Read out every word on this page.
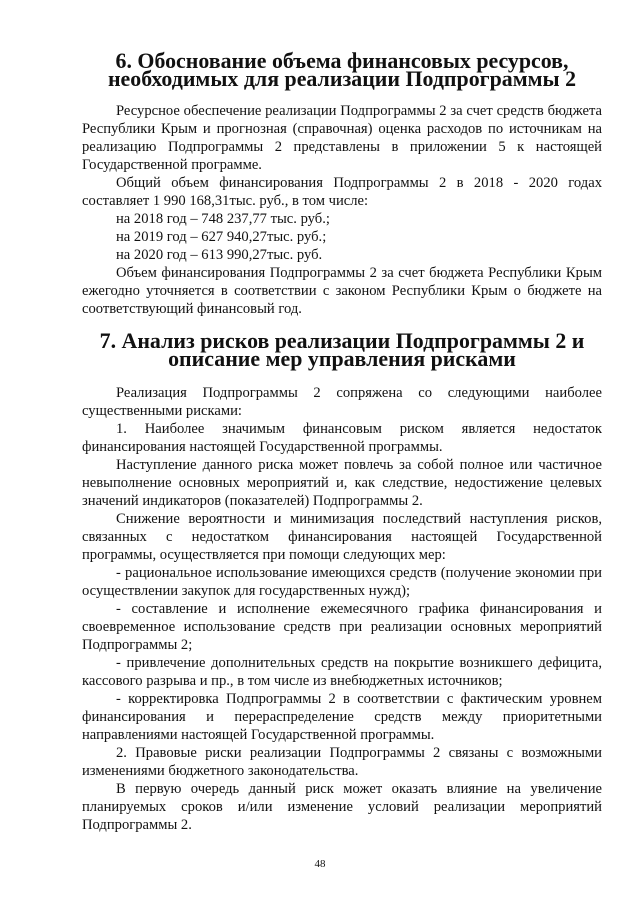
6. Обоснование объема финансовых ресурсов, необходимых для реализации Подпрограммы 2

Ресурсное обеспечение реализации Подпрограммы 2 за счет средств бюджета Республики Крым и прогнозная (справочная) оценка расходов по источникам на реализацию Подпрограммы 2 представлены в приложении 5 к настоящей Государственной программе.

Общий объем финансирования Подпрограммы 2 в 2018 - 2020 годах составляет 1 990 168,31тыс. руб., в том числе:

на 2018 год – 748 237,77 тыс. руб.;

на 2019 год – 627 940,27тыс. руб.;

на 2020 год – 613 990,27тыс. руб.

Объем финансирования Подпрограммы 2 за счет бюджета Республики Крым ежегодно уточняется в соответствии с законом Республики Крым о бюджете на соответствующий финансовый год.

7. Анализ рисков реализации Подпрограммы 2 и описание мер управления рисками

Реализация Подпрограммы 2 сопряжена со следующими наиболее существенными рисками:

1. Наиболее значимым финансовым риском является недостаток финансирования настоящей Государственной программы.

Наступление данного риска может повлечь за собой полное или частичное невыполнение основных мероприятий и, как следствие, недостижение целевых значений индикаторов (показателей) Подпрограммы 2.

Снижение вероятности и минимизация последствий наступления рисков, связанных с недостатком финансирования настоящей Государственной программы, осуществляется при помощи следующих мер:

- рациональное использование имеющихся средств (получение экономии при осуществлении закупок для государственных нужд);

- составление и исполнение ежемесячного графика финансирования и своевременное использование средств при реализации основных мероприятий Подпрограммы 2;

- привлечение дополнительных средств на покрытие возникшего дефицита, кассового разрыва и пр., в том числе из внебюджетных источников;

- корректировка Подпрограммы 2 в соответствии с фактическим уровнем финансирования и перераспределение средств между приоритетными направлениями настоящей Государственной программы.

2. Правовые риски реализации Подпрограммы 2 связаны с возможными изменениями бюджетного законодательства.

В первую очередь данный риск может оказать влияние на увеличение планируемых сроков и/или изменение условий реализации мероприятий Подпрограммы 2.

48
